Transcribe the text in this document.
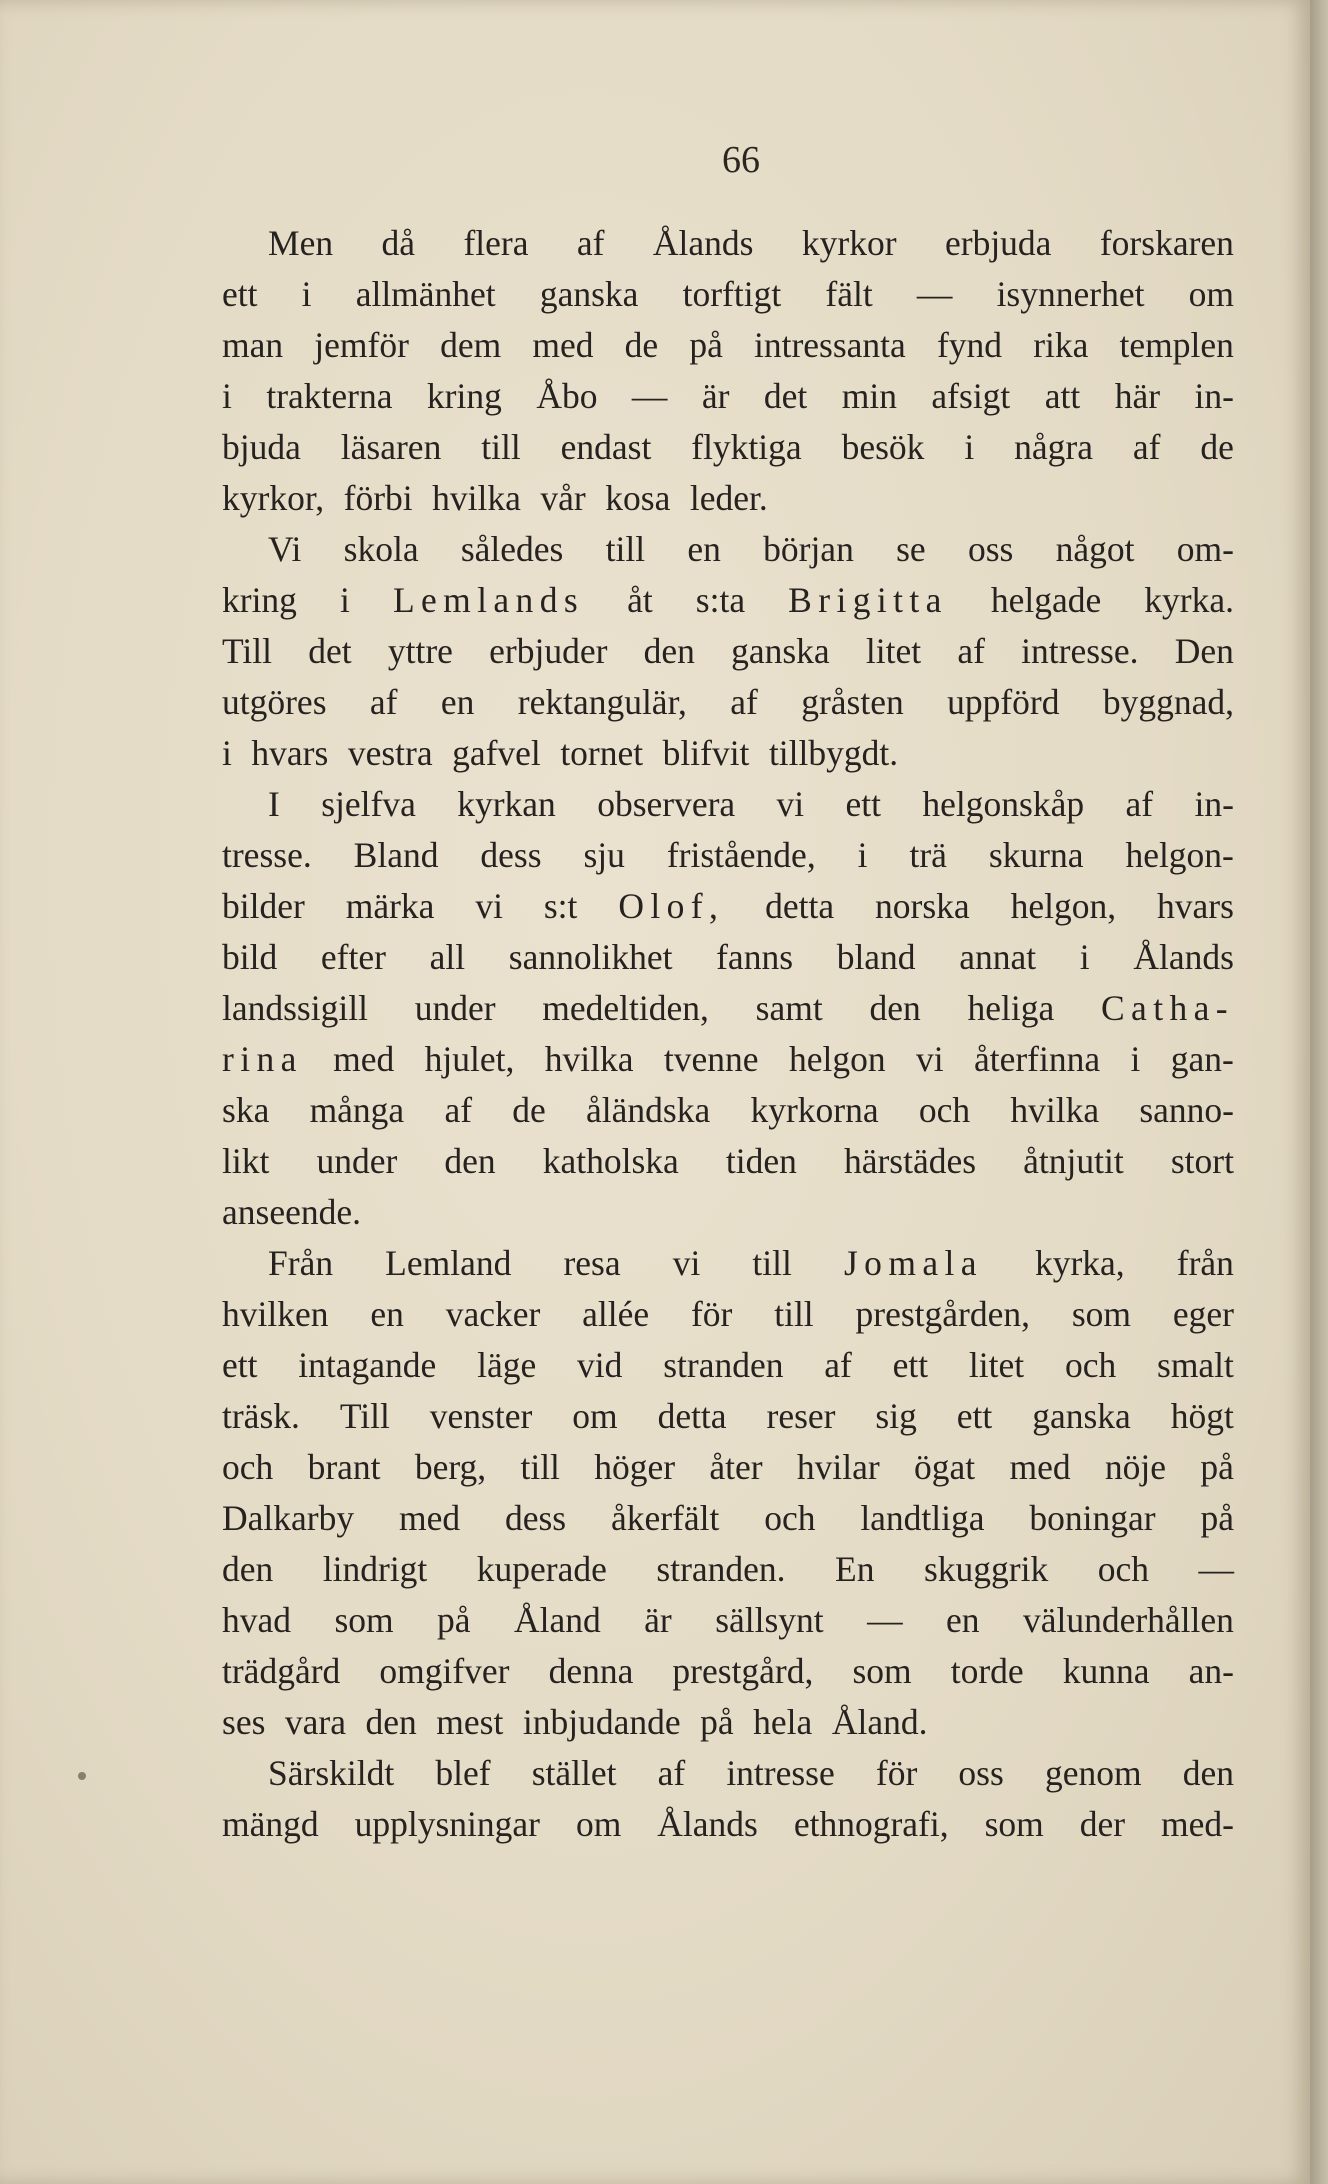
66
Men då flera af Ålands kyrkor erbjuda forskaren
ett i allmänhet ganska torftigt fält — isynnerhet om
man jemför dem med de på intressanta fynd rika templen
i trakterna kring Åbo — är det min afsigt att här in-
bjuda läsaren till endast flyktiga besök i några af de
kyrkor, förbi hvilka vår kosa leder.
Vi skola således till en början se oss något om-
kring i Lemlands åt s:ta Brigitta helgade kyrka.
Till det yttre erbjuder den ganska litet af intresse. Den
utgöres af en rektangulär, af gråsten uppförd byggnad,
i hvars vestra gafvel tornet blifvit tillbygdt.
I sjelfva kyrkan observera vi ett helgonskåp af in-
tresse. Bland dess sju fristående, i trä skurna helgon-
bilder märka vi s:t Olof, detta norska helgon, hvars
bild efter all sannolikhet fanns bland annat i Ålands
landssigill under medeltiden, samt den heliga Catha-
rina med hjulet, hvilka tvenne helgon vi återfinna i gan-
ska många af de åländska kyrkorna och hvilka sanno-
likt under den katholska tiden härstädes åtnjutit stort
anseende.
Från Lemland resa vi till Jomala kyrka, från
hvilken en vacker allée för till prestgården, som eger
ett intagande läge vid stranden af ett litet och smalt
träsk. Till venster om detta reser sig ett ganska högt
och brant berg, till höger åter hvilar ögat med nöje på
Dalkarby med dess åkerfält och landtliga boningar på
den lindrigt kuperade stranden. En skuggrik och —
hvad som på Åland är sällsynt — en välunderhållen
trädgård omgifver denna prestgård, som torde kunna an-
ses vara den mest inbjudande på hela Åland.
Särskildt blef stället af intresse för oss genom den
mängd upplysningar om Ålands ethnografi, som der med-
